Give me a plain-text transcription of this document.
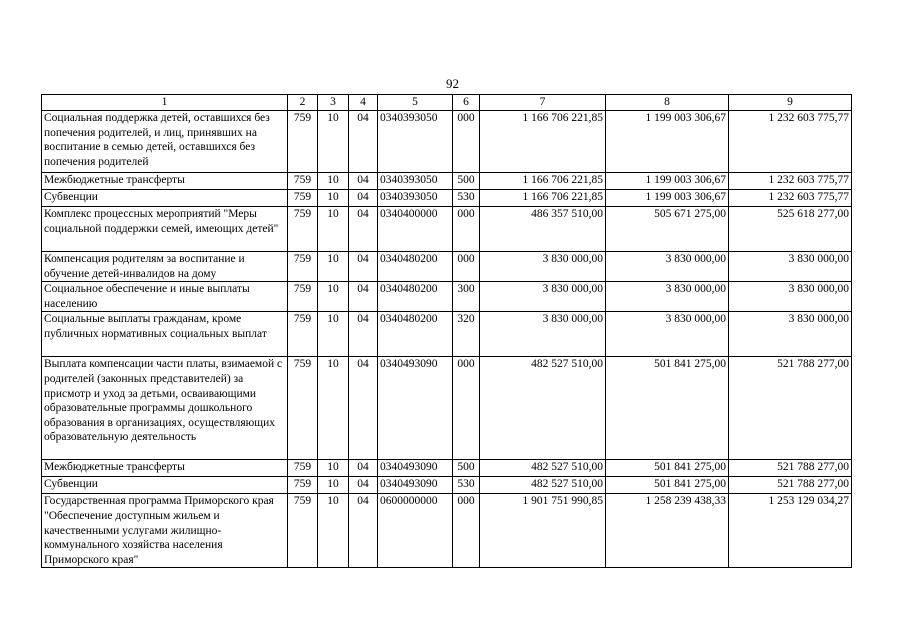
92
1	2	3	4	5	6	7	8	9
Социальная поддержка детей, оставшихся без попечения родителей, и лиц, принявших на воспитание в семью детей, оставшихся без попечения родителей	759	10	04	0340393050	000	1 166 706 221,85	1 199 003 306,67	1 232 603 775,77
Межбюджетные трансферты	759	10	04	0340393050	500	1 166 706 221,85	1 199 003 306,67	1 232 603 775,77
Субвенции	759	10	04	0340393050	530	1 166 706 221,85	1 199 003 306,67	1 232 603 775,77
Комплекс процессных мероприятий "Меры социальной поддержки семей, имеющих детей"	759	10	04	0340400000	000	486 357 510,00	505 671 275,00	525 618 277,00
Компенсация родителям за воспитание и обучение детей-инвалидов на дому	759	10	04	0340480200	000	3 830 000,00	3 830 000,00	3 830 000,00
Социальное обеспечение и иные выплаты населению	759	10	04	0340480200	300	3 830 000,00	3 830 000,00	3 830 000,00
Социальные выплаты гражданам, кроме публичных нормативных социальных выплат	759	10	04	0340480200	320	3 830 000,00	3 830 000,00	3 830 000,00
Выплата компенсации части платы, взимаемой с родителей (законных представителей) за присмотр и уход за детьми, осваивающими образовательные программы дошкольного образования в организациях, осуществляющих образовательную деятельность	759	10	04	0340493090	000	482 527 510,00	501 841 275,00	521 788 277,00
Межбюджетные трансферты	759	10	04	0340493090	500	482 527 510,00	501 841 275,00	521 788 277,00
Субвенции	759	10	04	0340493090	530	482 527 510,00	501 841 275,00	521 788 277,00
Государственная программа Приморского края "Обеспечение доступным жильем и качественными услугами жилищно-коммунального хозяйства населения Приморского края"	759	10	04	0600000000	000	1 901 751 990,85	1 258 239 438,33	1 253 129 034,27
